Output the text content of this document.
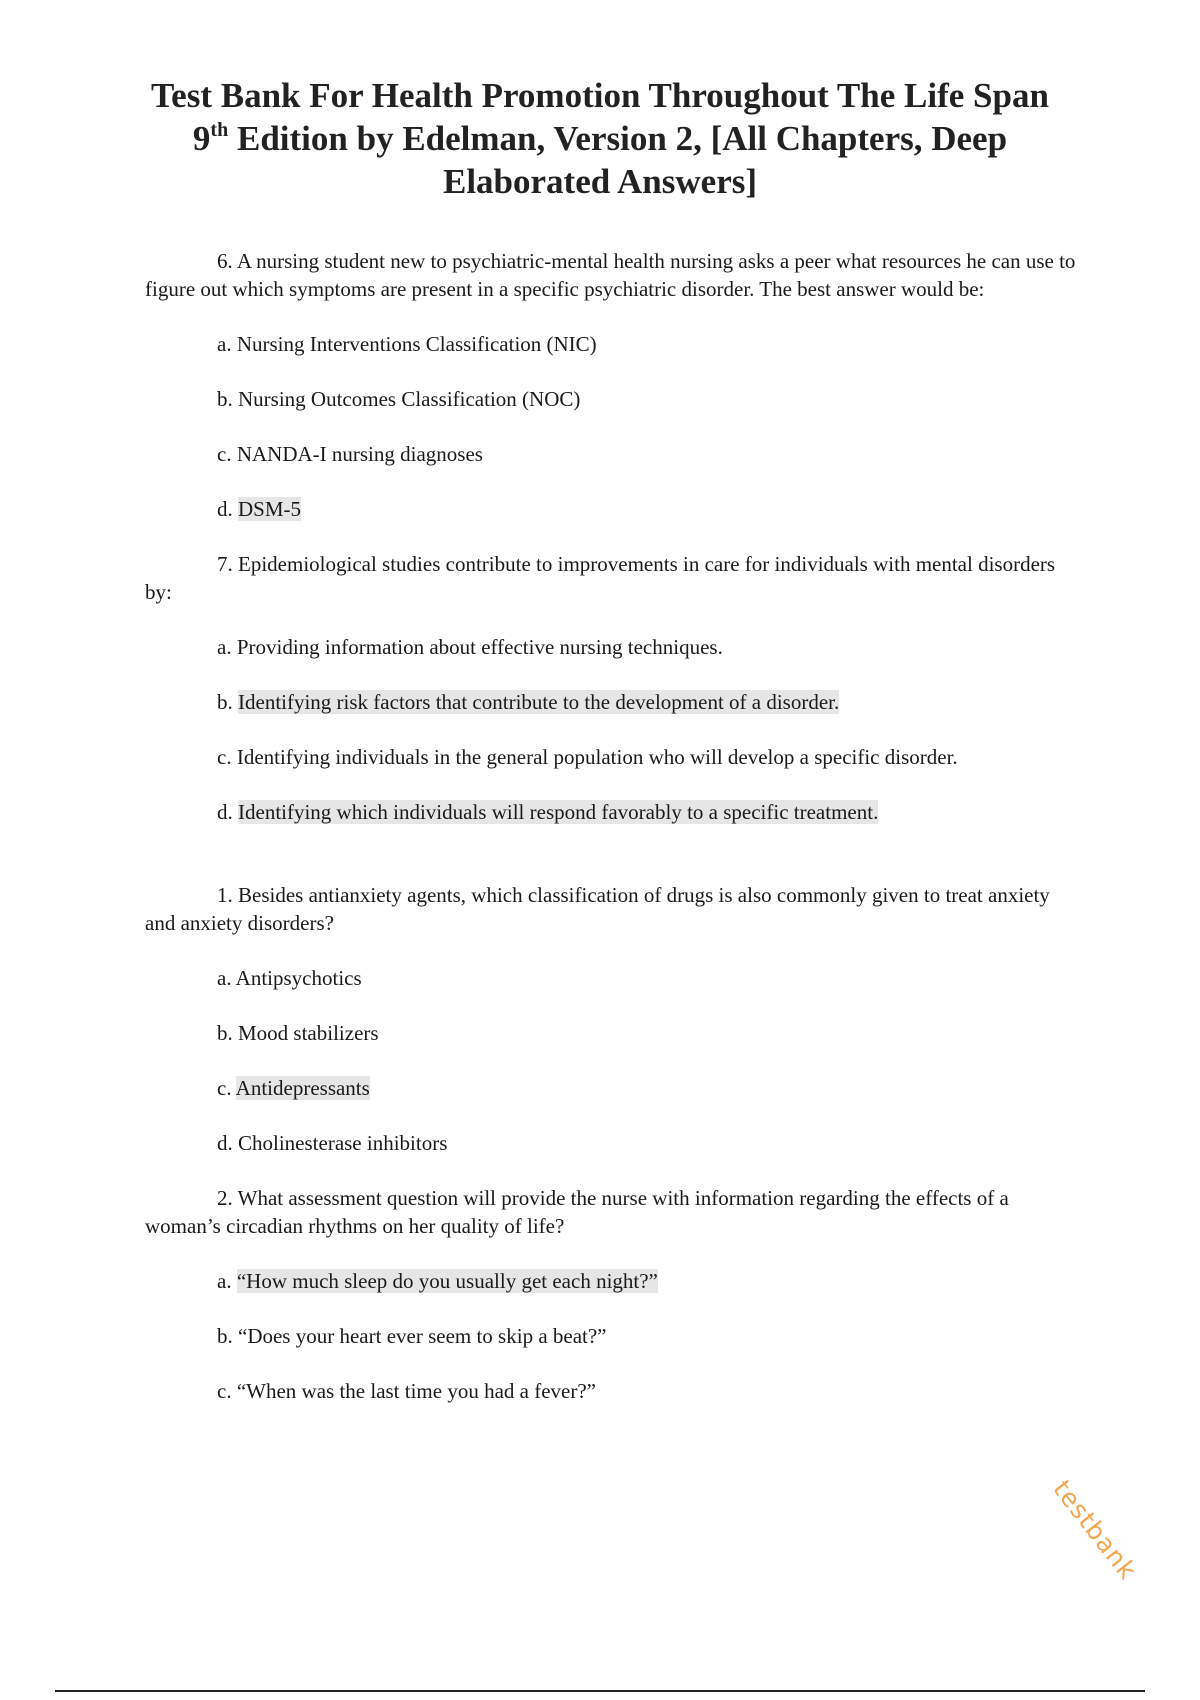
Test Bank For Health Promotion Throughout The Life Span
9th Edition by Edelman, Version 2, [All Chapters, Deep
Elaborated Answers]

6. A nursing student new to psychiatric-mental health nursing asks a peer what resources he can use to figure out which symptoms are present in a specific psychiatric disorder. The best answer would be:

a. Nursing Interventions Classification (NIC)

b. Nursing Outcomes Classification (NOC)

c. NANDA-I nursing diagnoses

d. DSM-5

7. Epidemiological studies contribute to improvements in care for individuals with mental disorders by:

a. Providing information about effective nursing techniques.

b. Identifying risk factors that contribute to the development of a disorder.

c. Identifying individuals in the general population who will develop a specific disorder.

d. Identifying which individuals will respond favorably to a specific treatment.

1. Besides antianxiety agents, which classification of drugs is also commonly given to treat anxiety and anxiety disorders?

a. Antipsychotics

b. Mood stabilizers

c. Antidepressants

d. Cholinesterase inhibitors

2. What assessment question will provide the nurse with information regarding the effects of a woman’s circadian rhythms on her quality of life?

a. “How much sleep do you usually get each night?”

b. “Does your heart ever seem to skip a beat?”

c. “When was the last time you had a fever?”

testbank
